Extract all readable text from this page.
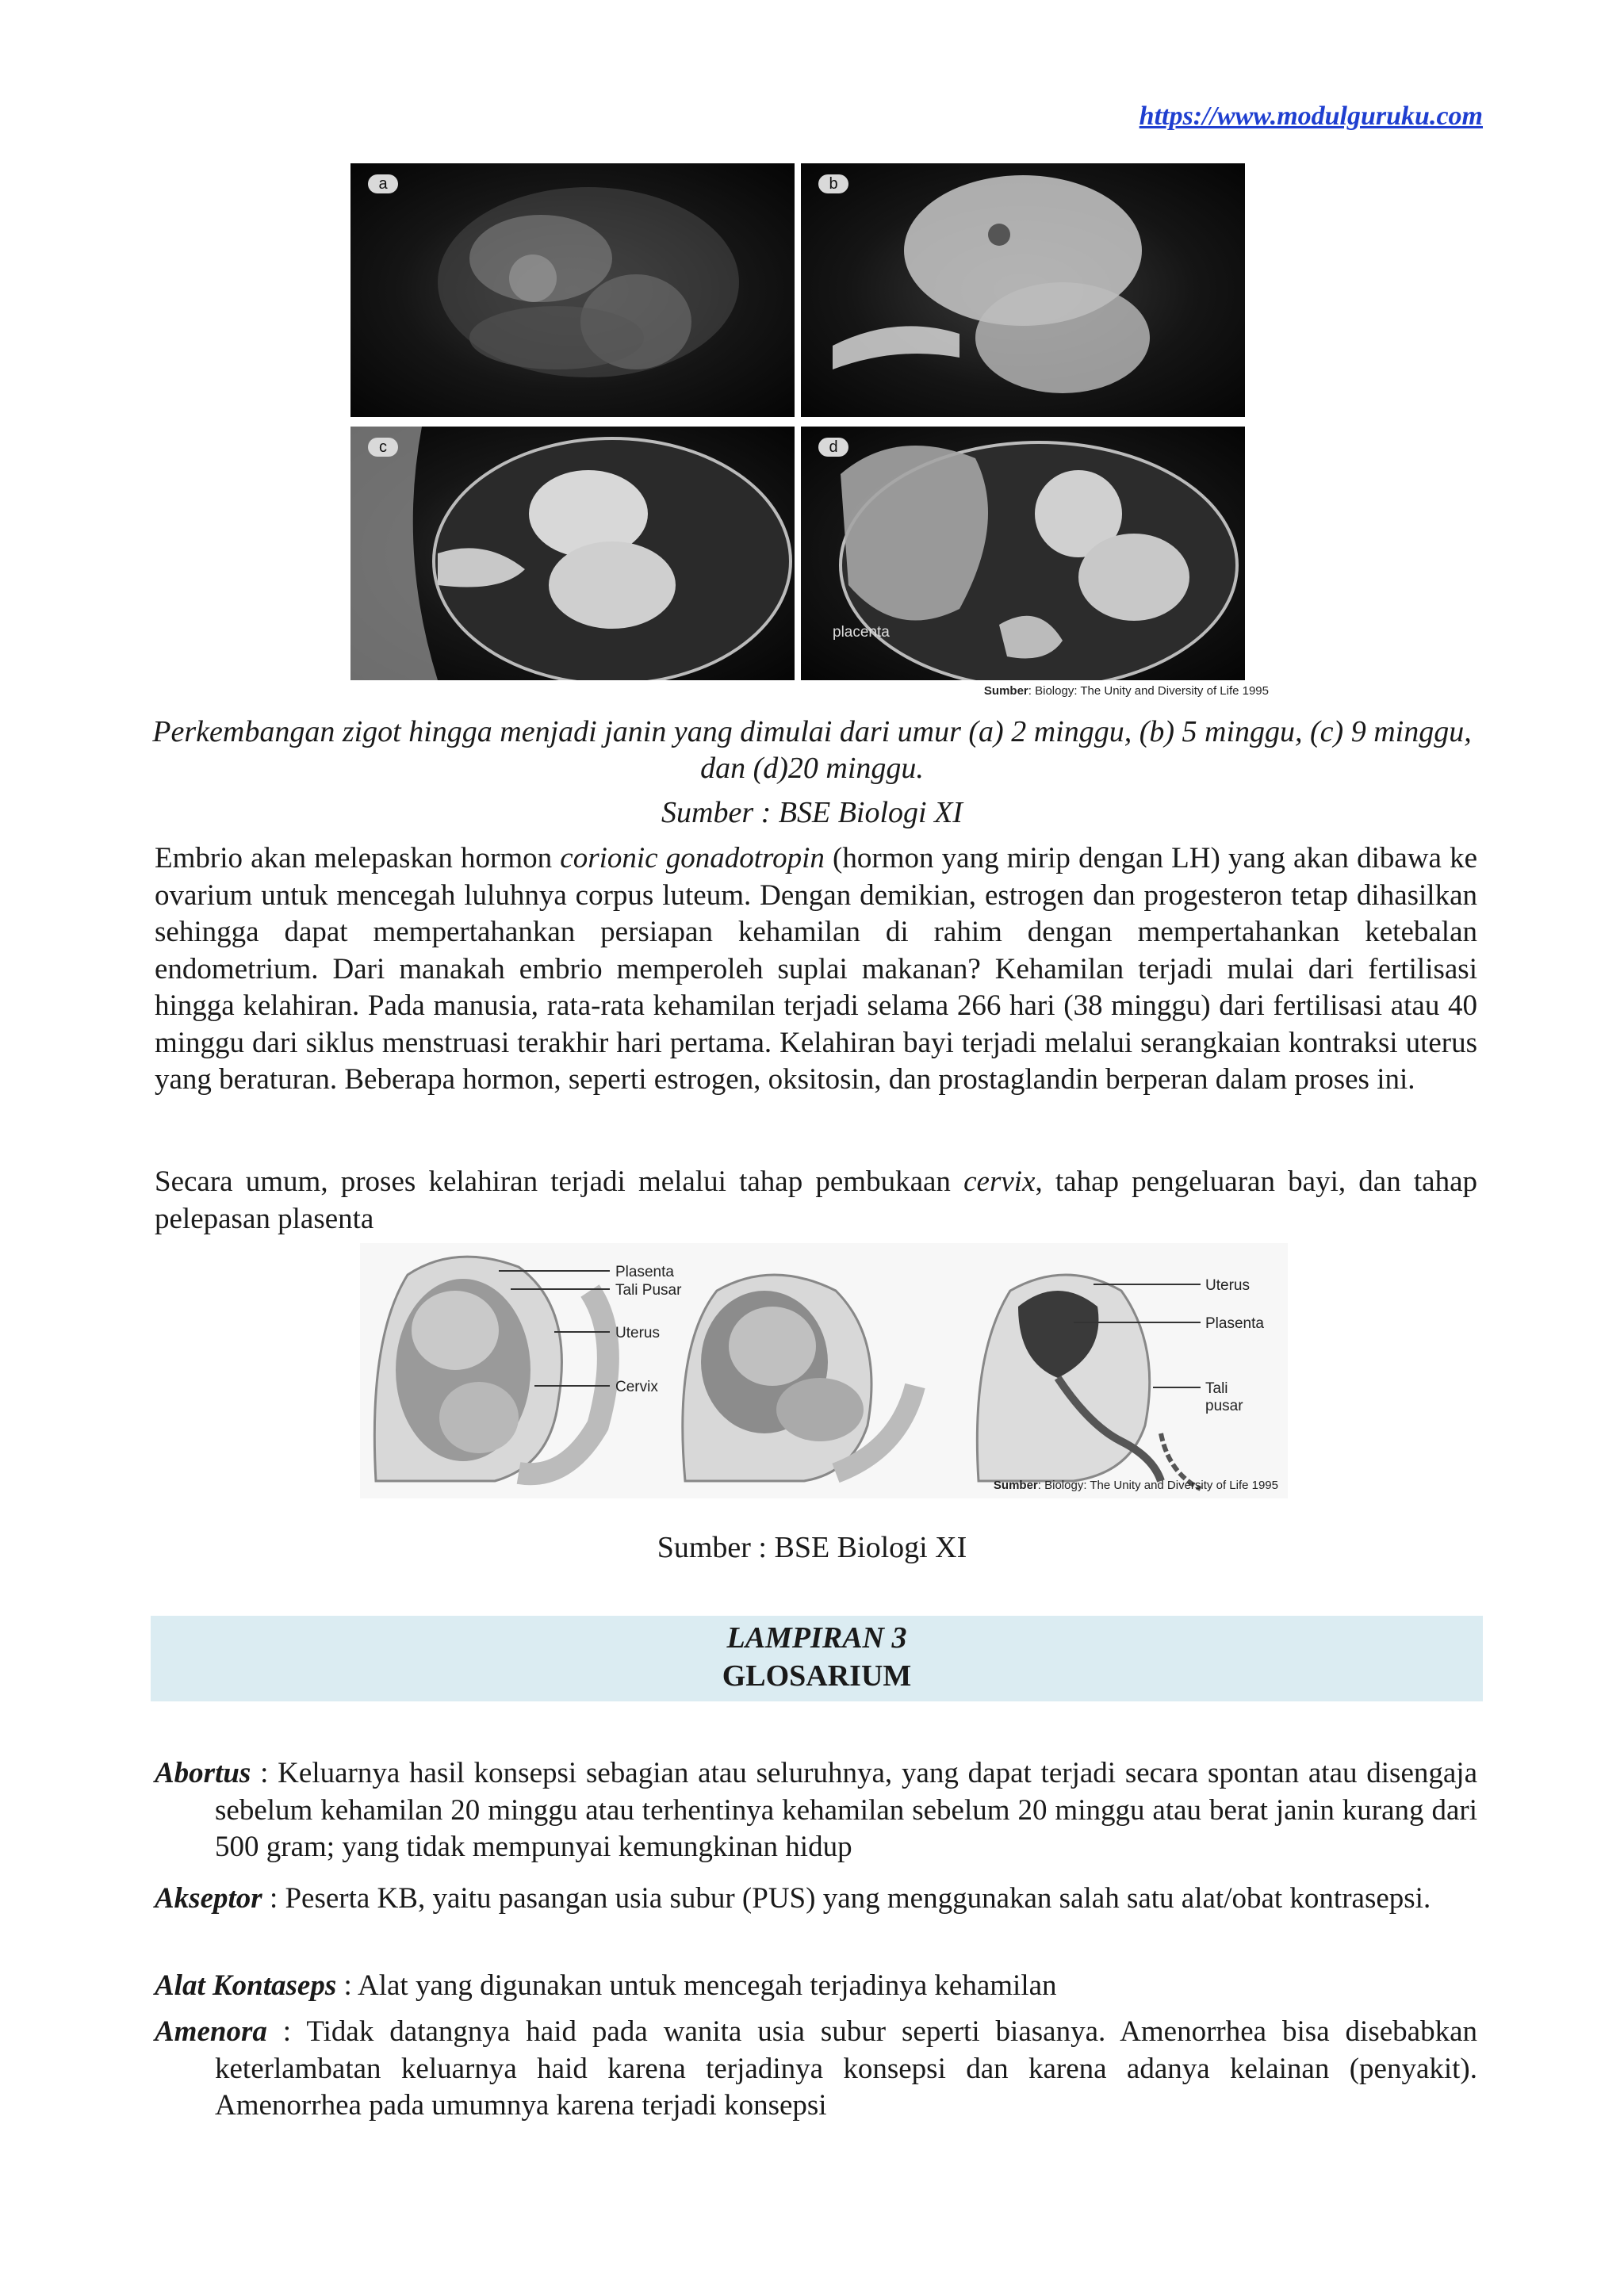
https://www.modulguruku.com
a	b
c
placenta
d
Sumber: Biology: The Unity and Diversity of Life 1995
Perkembangan zigot hingga menjadi janin yang dimulai dari umur (a) 2 minggu, (b) 5 minggu, (c) 9 minggu, dan (d)20 minggu.
Sumber : BSE Biologi XI
Embrio akan melepaskan hormon corionic gonadotropin (hormon yang mirip dengan LH) yang akan dibawa ke ovarium untuk mencegah luluhnya corpus luteum. Dengan demikian, estrogen dan progesteron tetap dihasilkan sehingga dapat mempertahankan persiapan kehamilan di rahim dengan mempertahankan ketebalan endometrium. Dari manakah embrio memperoleh suplai makanan? Kehamilan terjadi mulai dari fertilisasi hingga kelahiran. Pada manusia, rata-rata kehamilan terjadi selama 266 hari (38 minggu) dari fertilisasi atau 40 minggu dari siklus menstruasi terakhir hari pertama. Kelahiran bayi terjadi melalui serangkaian kontraksi uterus yang beraturan. Beberapa hormon, seperti estrogen, oksitosin, dan prostaglandin berperan dalam proses ini.
Secara umum, proses kelahiran terjadi melalui tahap pembukaan cervix, tahap pengeluaran bayi, dan tahap pelepasan plasenta
Plasenta
Tali Pusar
Uterus
Cervix
Uterus
Plasenta
Tali
pusar
Sumber: Biology: The Unity and Diversity of Life 1995
Sumber : BSE Biologi XI
LAMPIRAN 3
GLOSARIUM
Abortus : Keluarnya hasil konsepsi sebagian atau seluruhnya, yang dapat terjadi secara spontan atau disengaja sebelum kehamilan 20 minggu atau terhentinya kehamilan sebelum 20 minggu atau berat janin kurang dari 500 gram; yang tidak mempunyai kemungkinan hidup
Akseptor : Peserta KB, yaitu pasangan usia subur (PUS) yang menggunakan salah satu alat/obat kontrasepsi.
Alat Kontaseps : Alat yang digunakan untuk mencegah terjadinya kehamilan
Amenora : Tidak datangnya haid pada wanita usia subur seperti biasanya. Amenorrhea bisa disebabkan keterlambatan keluarnya haid karena terjadinya konsepsi dan karena adanya kelainan (penyakit). Amenorrhea pada umumnya karena terjadi konsepsi
